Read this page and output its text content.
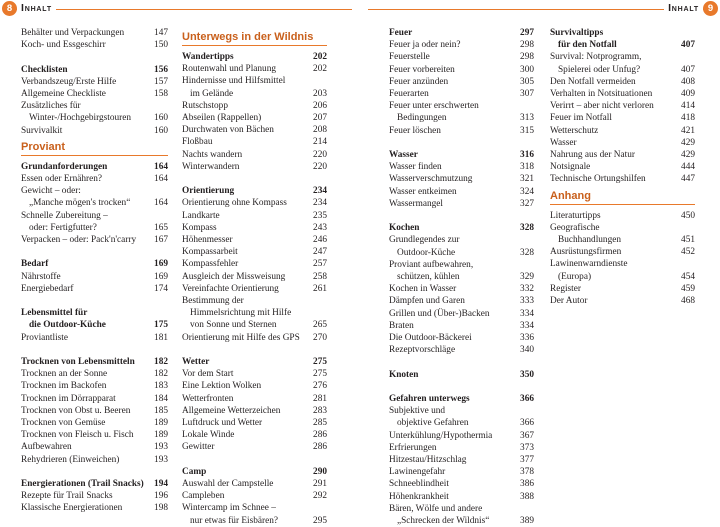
8 Inhalt	9
Inhalt
Behälter und Verpackungen	147
Koch- und Essgeschirr	150
Checklisten	156
Verbandszeug/Erste Hilfe	157
Allgemeine Checkliste	158
Zusätzliches für
Winter-/Hochgebirgstouren	160
Survivalkit	160
Proviant
Grundanforderungen	164
Essen oder Ernähren?	164
Gewicht – oder:
„Manche mögen's trocken“	164
Schnelle Zubereitung –
oder: Fertigfutter?	165
Verpacken – oder: Pack'n'carry	167
Bedarf	169
Nährstoffe	169
Energiebedarf	174
Lebensmittel für
die Outdoor-Küche	175
Proviantliste	181
Trocknen von Lebensmitteln	182
Trocknen an der Sonne	182
Trocknen im Backofen	183
Trocknen im Dörrapparat	184
Trocknen von Obst u. Beeren	185
Trocknen von Gemüse	189
Trocknen von Fleisch u. Fisch	189
Aufbewahren	193
Rehydrieren (Einweichen)	193
Energierationen (Trail Snacks)	194
Rezepte für Trail Snacks	196
Klassische Energierationen	198
Unterwegs in der Wildnis
Wandertipps	202
Routenwahl und Planung	202
Hindernisse und Hilfsmittel
im Gelände	203
Rutschstopp	206
Abseilen (Rappellen)	207
Durchwaten von Bächen	208
Floßbau	214
Nachts wandern	220
Winterwandern	220
Orientierung	234
Orientierung ohne Kompass	234
Landkarte	235
Kompass	243
Höhenmesser	246
Kompassarbeit	247
Kompassfehler	257
Ausgleich der Missweisung	258
Vereinfachte Orientierung	261
Bestimmung der
Himmelsrichtung mit Hilfe
von Sonne und Sternen	265
Orientierung mit Hilfe des GPS	270
Wetter	275
Vor dem Start	275
Eine Lektion Wolken	276
Wetterfronten	281
Allgemeine Wetterzeichen	283
Luftdruck und Wetter	285
Lokale Winde	286
Gewitter	286
Camp	290
Auswahl der Campstelle	291
Campleben	292
Wintercamp im Schnee –
nur etwas für Eisbären?	295
Feuer	297
Feuer ja oder nein?	298
Feuerstelle	298
Feuer vorbereiten	300
Feuer anzünden	305
Feuerarten	307
Feuer unter erschwerten
Bedingungen	313
Feuer löschen	315
Wasser	316
Wasser finden	318
Wasserverschmutzung	321
Wasser entkeimen	324
Wassermangel	327
Kochen	328
Grundlegendes zur
Outdoor-Küche	328
Proviant aufbewahren,
schützen, kühlen	329
Kochen in Wasser	332
Dämpfen und Garen	333
Grillen und (Über-)Backen	334
Braten	334
Die Outdoor-Bäckerei	336
Rezeptvorschläge	340
Knoten	350
Gefahren unterwegs	366
Subjektive und
objektive Gefahren	366
Unterkühlung/Hypothermia	367
Erfrierungen	373
Hitzestau/Hitzschlag	377
Lawinengefahr	378
Schneeblindheit	386
Höhenkrankheit	388
Bären, Wölfe und andere
„Schrecken der Wildnis“	389
Survivaltipps
für den Notfall	407
Survival: Notprogramm,
Spielerei oder Unfug?	407
Den Notfall vermeiden	408
Verhalten in Notsituationen	409
Verirrt – aber nicht verloren	414
Feuer im Notfall	418
Wetterschutz	421
Wasser	429
Nahrung aus der Natur	429
Notsignale	444
Technische Ortungshilfen	447
Anhang
Literaturtipps	450
Geografische
Buchhandlungen	451
Ausrüstungsfirmen	452
Lawinenwarndienste
(Europa)	454
Register	459
Der Autor	468
